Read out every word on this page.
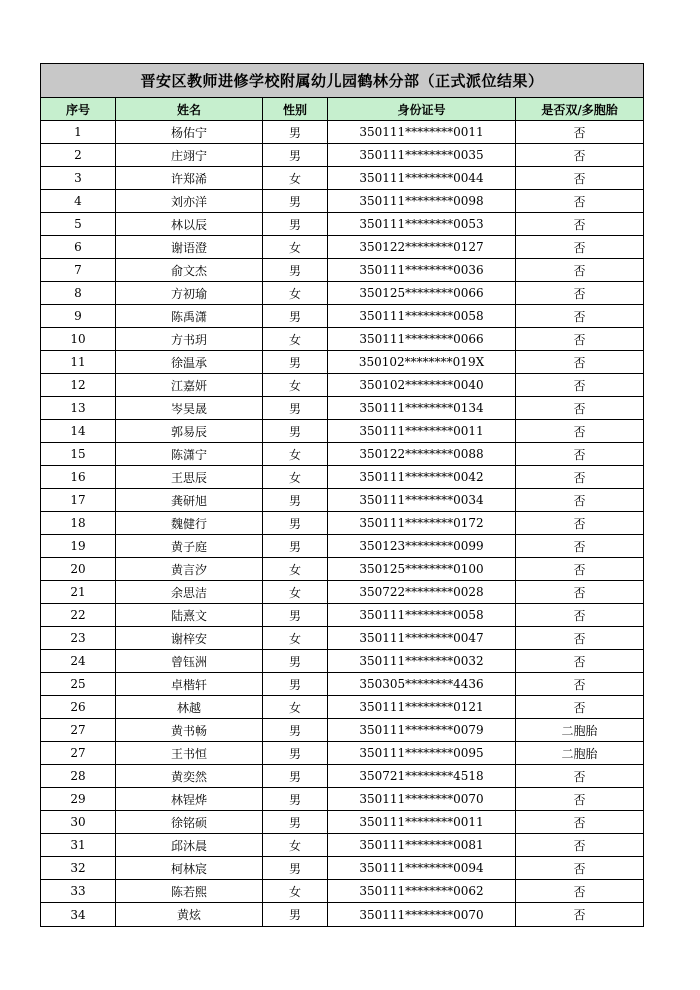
晋安区教师进修学校附属幼儿园鹤林分部（正式派位结果）				
序号	姓名	性别	身份证号	是否双/多胞胎
1	杨佑宁	男	350111********0011	否
2	庄翊宁	男	350111********0035	否
3	许郑浠	女	350111********0044	否
4	刘亦洋	男	350111********0098	否
5	林以辰	男	350111********0053	否
6	谢语澄	女	350122********0127	否
7	俞文杰	男	350111********0036	否
8	方初瑜	女	350125********0066	否
9	陈禹潇	男	350111********0058	否
10	方书玥	女	350111********0066	否
11	徐温承	男	350102********019X	否
12	江嘉妍	女	350102********0040	否
13	岑昊晟	男	350111********0134	否
14	郭易辰	男	350111********0011	否
15	陈潇宁	女	350122********0088	否
16	王思辰	女	350111********0042	否
17	龚研旭	男	350111********0034	否
18	魏健行	男	350111********0172	否
19	黄子庭	男	350123********0099	否
20	黄言汐	女	350125********0100	否
21	余思洁	女	350722********0028	否
22	陆熹文	男	350111********0058	否
23	谢梓安	女	350111********0047	否
24	曾钰洲	男	350111********0032	否
25	卓楷轩	男	350305********4436	否
26	林越	女	350111********0121	否
27	黄书畅	男	350111********0079	二胞胎
27	王书恒	男	350111********0095	二胞胎
28	黄奕然	男	350721********4518	否
29	林锃烨	男	350111********0070	否
30	徐铭硕	男	350111********0011	否
31	邱沐晨	女	350111********0081	否
32	柯林宸	男	350111********0094	否
33	陈若熙	女	350111********0062	否
34	黄炫	男	350111********0070	否
